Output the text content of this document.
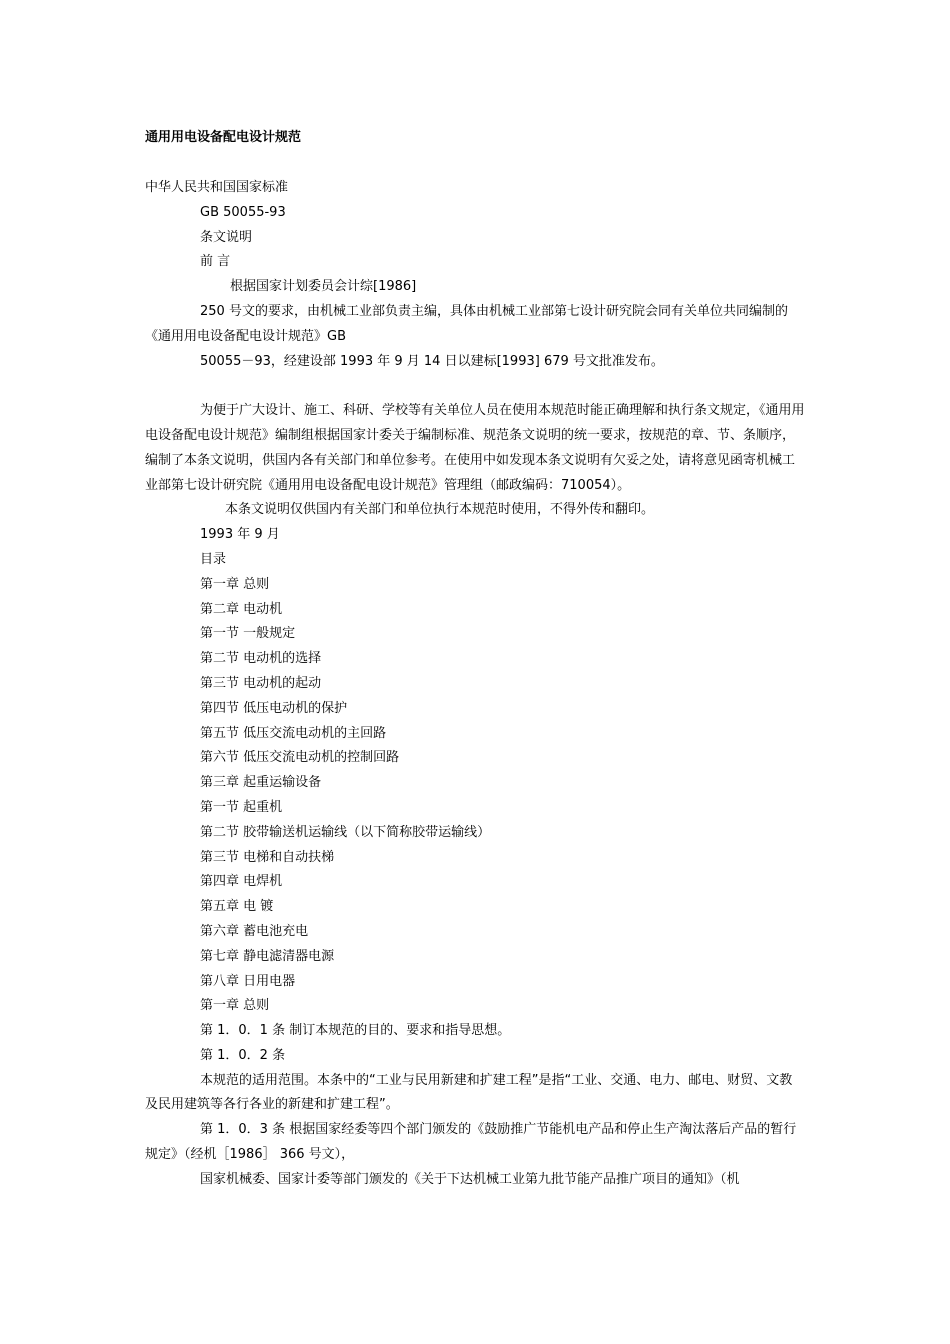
通用用电设备配电设计规范
中华人民共和国国家标准
GB 50055-93
条文说明
前 言
根据国家计划委员会计综[1986]
250 号文的要求，由机械工业部负责主编，具体由机械工业部第七设计研究院会同有关单位共同编制的《通用用电设备配电设计规范》GB
50055－93，经建设部 1993 年 9 月 14 日以建标[1993] 679 号文批准发布。
为便于广大设计、施工、科研、学校等有关单位人员在使用本规范时能正确理解和执行条文规定，《通用用电设备配电设计规范》编制组根据国家计委关于编制标准、规范条文说明的统一要求，按规范的章、节、条顺序，编制了本条文说明，供国内各有关部门和单位参考。在使用中如发现本条文说明有欠妥之处，请将意见函寄机械工业部第七设计研究院《通用用电设备配电设计规范》管理组（邮政编码：710054）。
本条文说明仅供国内有关部门和单位执行本规范时使用，不得外传和翻印。
1993 年 9 月
目录
第一章 总则
第二章 电动机
第一节 一般规定
第二节 电动机的选择
第三节 电动机的起动
第四节 低压电动机的保护
第五节 低压交流电动机的主回路
第六节 低压交流电动机的控制回路
第三章 起重运输设备
第一节 起重机
第二节 胶带输送机运输线（以下简称胶带运输线）
第三节 电梯和自动扶梯
第四章 电焊机
第五章 电 镀
第六章 蓄电池充电
第七章 静电滤清器电源
第八章 日用电器
第一章 总则
第 1．0．1 条 制订本规范的目的、要求和指导思想。
第 1．0．2 条
本规范的适用范围。本条中的“工业与民用新建和扩建工程”是指“工业、交通、电力、邮电、财贸、文教及民用建筑等各行各业的新建和扩建工程”。
第 1．0．3 条 根据国家经委等四个部门颁发的《鼓励推广节能机电产品和停止生产淘汰落后产品的暂行规定》（经机［1986］ 366 号文），
国家机械委、国家计委等部门颁发的《关于下达机械工业第九批节能产品推广项目的通知》（机
